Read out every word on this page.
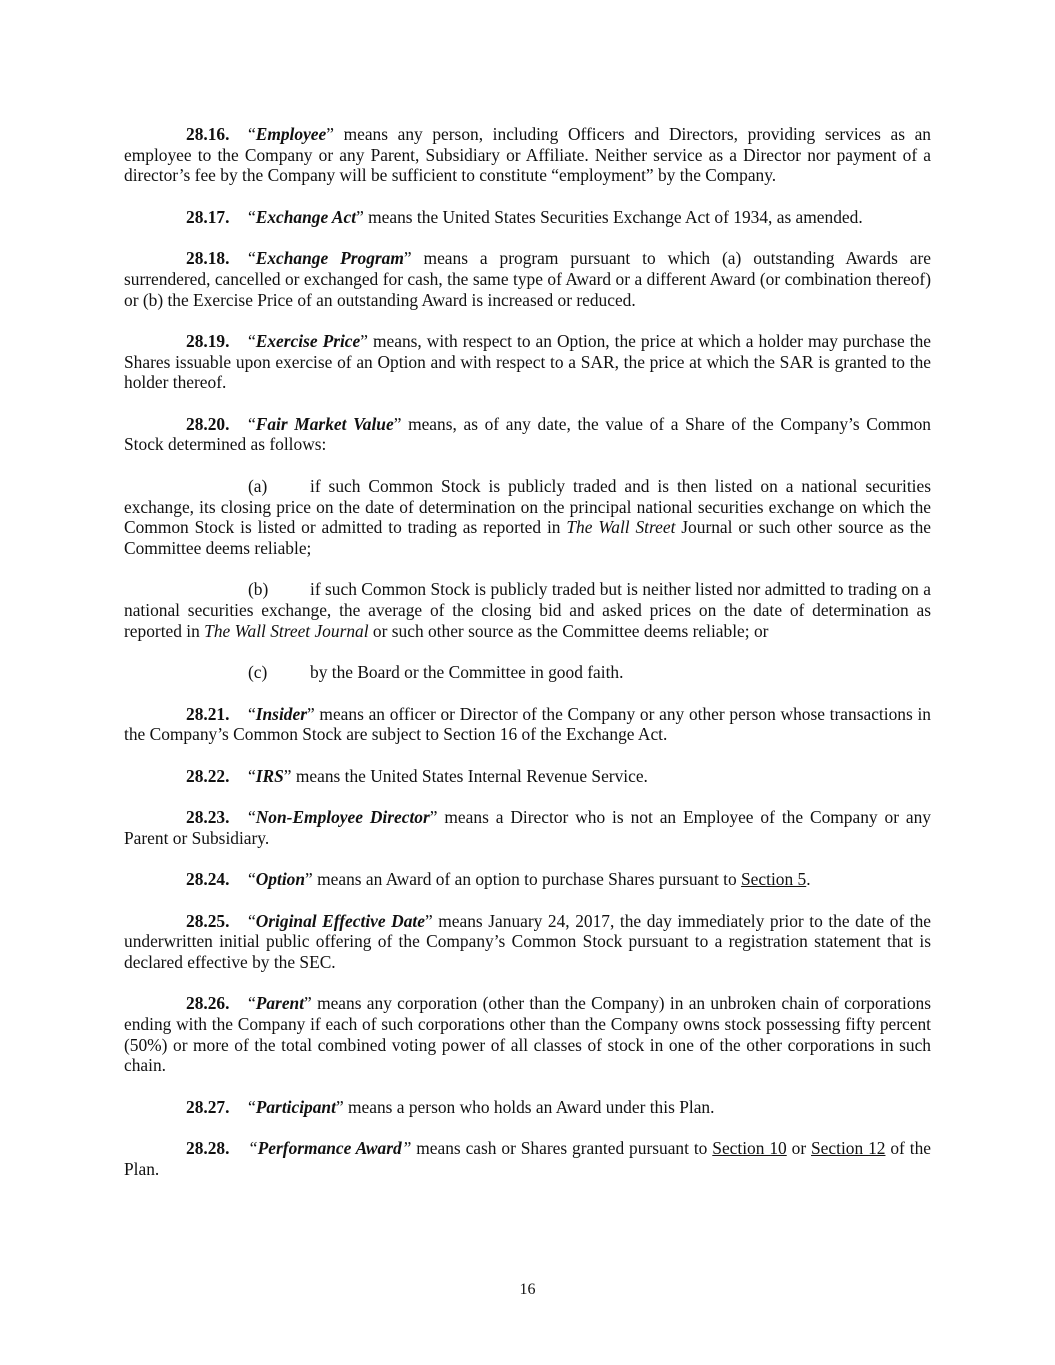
28.16. “Employee” means any person, including Officers and Directors, providing services as an employee to the Company or any Parent, Subsidiary or Affiliate. Neither service as a Director nor payment of a director’s fee by the Company will be sufficient to constitute “employment” by the Company.

28.17. “Exchange Act” means the United States Securities Exchange Act of 1934, as amended.

28.18. “Exchange Program” means a program pursuant to which (a) outstanding Awards are surrendered, cancelled or exchanged for cash, the same type of Award or a different Award (or combination thereof) or (b) the Exercise Price of an outstanding Award is increased or reduced.

28.19. “Exercise Price” means, with respect to an Option, the price at which a holder may purchase the Shares issuable upon exercise of an Option and with respect to a SAR, the price at which the SAR is granted to the holder thereof.

28.20. “Fair Market Value” means, as of any date, the value of a Share of the Company’s Common Stock determined as follows:

(a) if such Common Stock is publicly traded and is then listed on a national securities exchange, its closing price on the date of determination on the principal national securities exchange on which the Common Stock is listed or admitted to trading as reported in The Wall Street Journal or such other source as the Committee deems reliable;

(b) if such Common Stock is publicly traded but is neither listed nor admitted to trading on a national securities exchange, the average of the closing bid and asked prices on the date of determination as reported in The Wall Street Journal or such other source as the Committee deems reliable; or

(c) by the Board or the Committee in good faith.

28.21. “Insider” means an officer or Director of the Company or any other person whose transactions in the Company’s Common Stock are subject to Section 16 of the Exchange Act.

28.22. “IRS” means the United States Internal Revenue Service.

28.23. “Non-Employee Director” means a Director who is not an Employee of the Company or any Parent or Subsidiary.

28.24. “Option” means an Award of an option to purchase Shares pursuant to Section 5.

28.25. “Original Effective Date” means January 24, 2017, the day immediately prior to the date of the underwritten initial public offering of the Company’s Common Stock pursuant to a registration statement that is declared effective by the SEC.

28.26. “Parent” means any corporation (other than the Company) in an unbroken chain of corporations ending with the Company if each of such corporations other than the Company owns stock possessing fifty percent (50%) or more of the total combined voting power of all classes of stock in one of the other corporations in such chain.

28.27. “Participant” means a person who holds an Award under this Plan.

28.28. “Performance Award” means cash or Shares granted pursuant to Section 10 or Section 12 of the Plan.

16
